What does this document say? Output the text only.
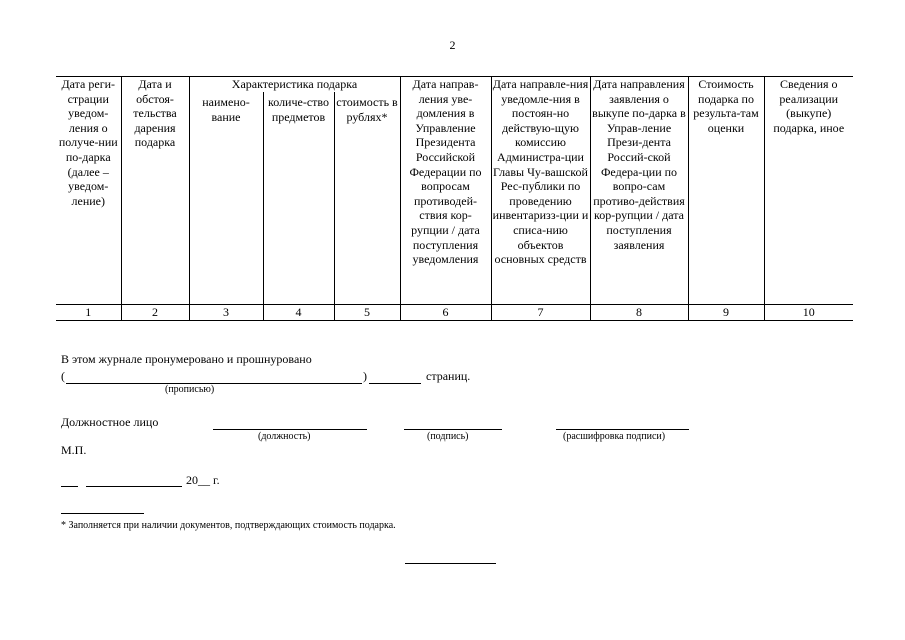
2
Дата реги-страции уведом-ления о получе-нии по-дарка (далее – уведом-ление)	Дата и обстоя-тельства дарения подарка	Характеристика подарка			Дата направ-ления уве-домления в Управление Президента Российской Федерации по вопросам противодей-ствия кор-рупции / дата поступления уведомления	Дата направле-ния уведомле-ния в постоян-но действую-щую комиссию Администра-ции Главы Чу-вашской Рес-публики по проведению инвентаризз-ции и списа-нию объектов основных средств	Дата направления заявления о выкупе по-дарка в Управ-ление Прези-дента Россий-ской Федера-ции по вопро-сам противо-действия кор-рупции / дата поступления заявления	Стоимость подарка по результа-там оценки	Сведения о реализации (выкупе) подарка, иное
		наимено-вание	количе-ство предметов	стоимость в рублях*					
1	2	3	4	5	6	7	8	9	10
В этом журнале пронумеровано и прошнуровано
(	)	страниц.
(прописью)
Должностное лицо
(должность)	(подпись)	(расшифровка подписи)
М.П.
20__ г.
* Заполняется при наличии документов, подтверждающих стоимость подарка.
